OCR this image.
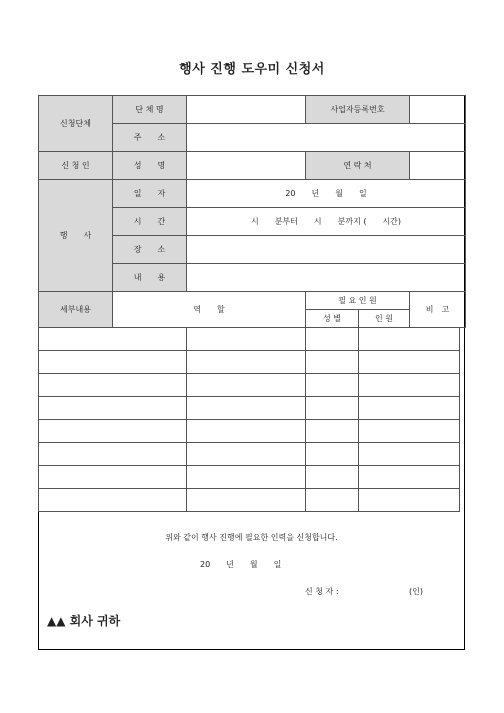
행사 진행 도우미 신청서
신청단체	단 체 명		사업자등록번호		
	주　　소				
신 청 인	성　　명		연 락 처		
행　　사	일　　자	20　　년　　월　　일			
	시　　간	시　　분부터　　시　　분까지 (　　시간)			
	장　　소				
	내　　용				
세부내용	역　　할		필 요 인 원		비　고
			성 별	인 원	

위와 같이 행사 진행에 필요한 인력을 신청합니다.
20　　년　　월　　일
신 청 자 :	(인)
▲▲ 회사 귀하
